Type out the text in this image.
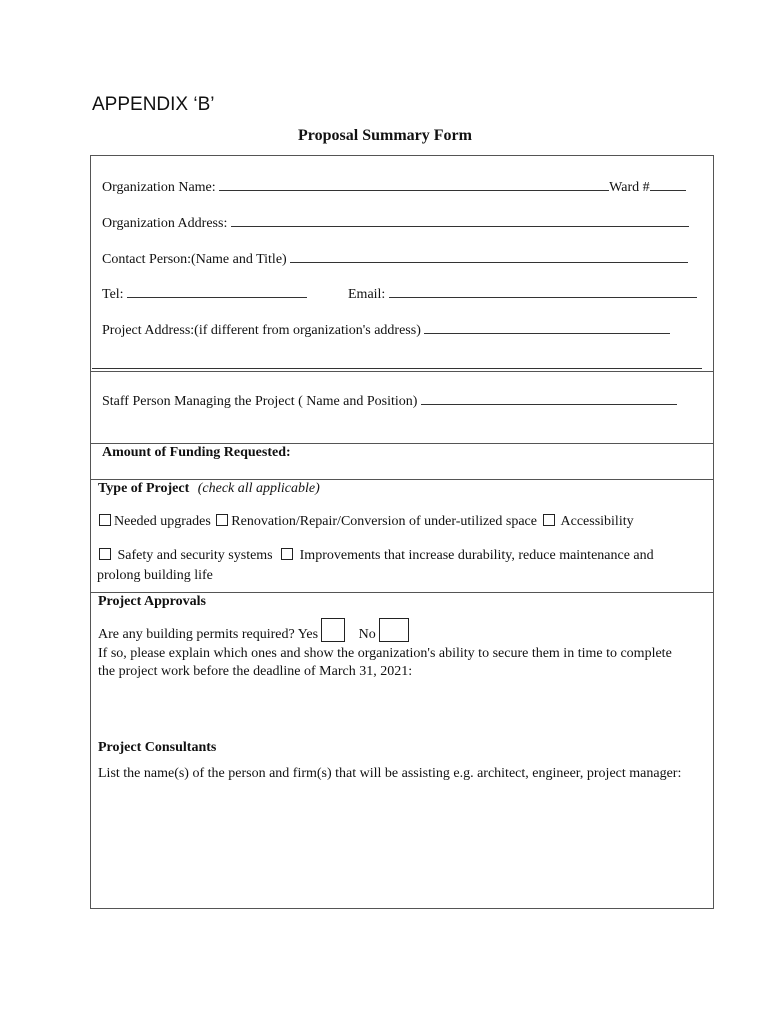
APPENDIX ‘B’
Proposal Summary Form
Organization Name:	Ward #
Organization Address:
Contact Person:(Name and Title)
Tel:	Email:
Project Address:(if different from organization's address)
Staff Person Managing the Project ( Name and Position)
Amount of Funding Requested:
Type of Project (check all applicable)
Needed upgrades Renovation/Repair/Conversion of under-utilized space Accessibility
Safety and security systems Improvements that increase durability, reduce maintenance and
prolong building life
Project Approvals
Are any building permits required? Yes	No
If so, please explain which ones and show the organization's ability to secure them in time to complete the project work before the deadline of March 31, 2021:
Project Consultants
List the name(s) of the person and firm(s) that will be assisting e.g. architect, engineer, project manager:
